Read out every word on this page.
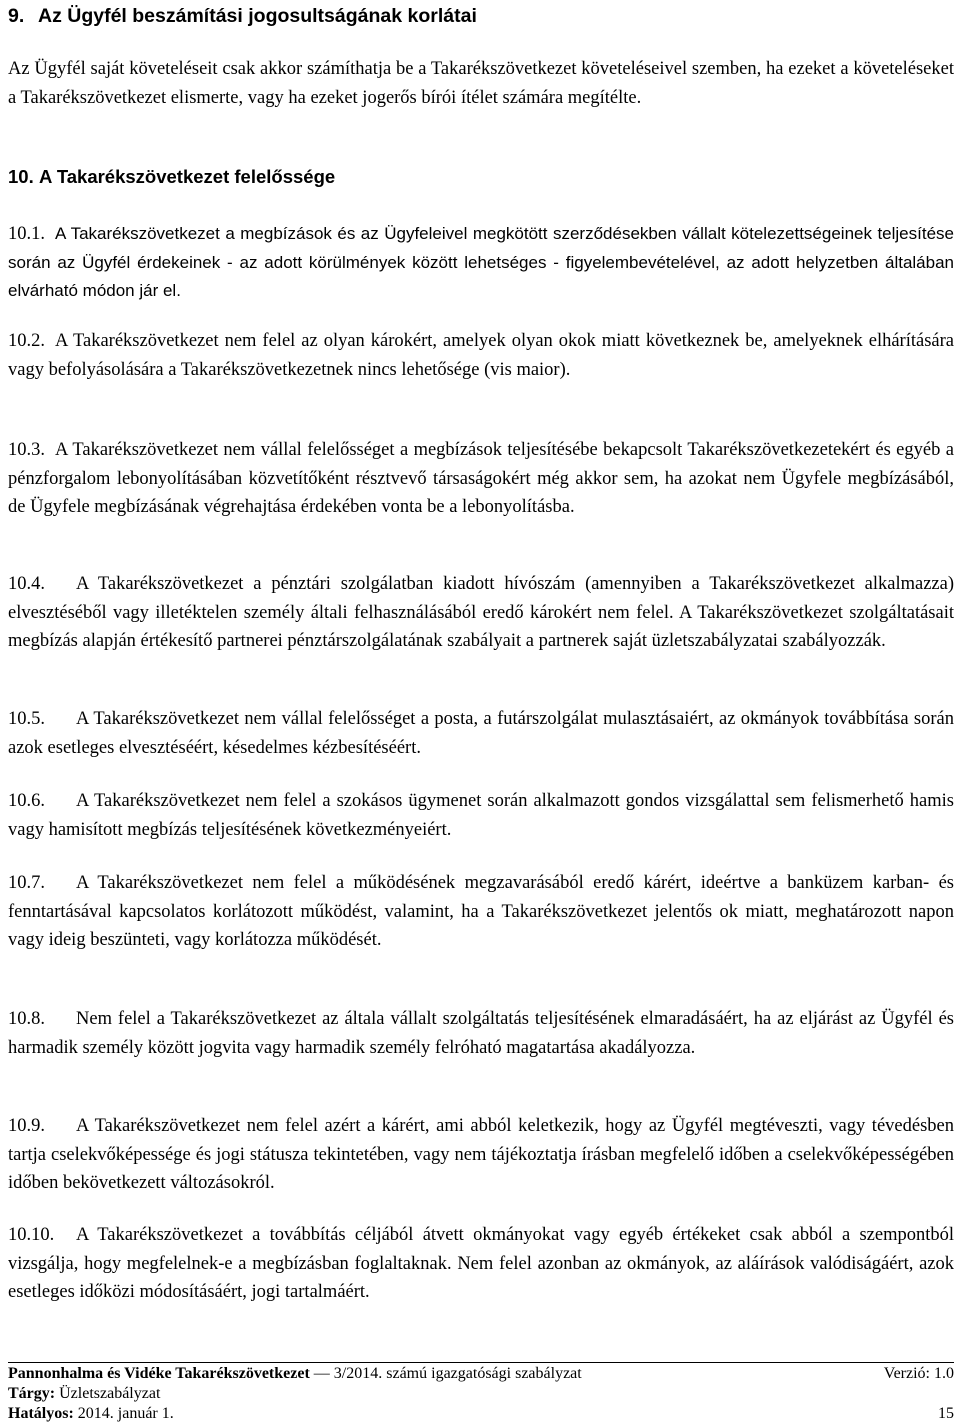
9. Az Ügyfél beszámítási jogosultságának korlátai
Az Ügyfél saját követeléseit csak akkor számíthatja be a Takarékszövetkezet követeléseivel szemben, ha ezeket a követeléseket a Takarékszövetkezet elismerte, vagy ha ezeket jogerős bírói ítélet számára megítélte.
10. A Takarékszövetkezet felelőssége
10.1. A Takarékszövetkezet a megbízások és az Ügyfeleivel megkötött szerződésekben vállalt kötelezettségeinek teljesítése során az Ügyfél érdekeinek - az adott körülmények között lehetséges - figyelembevételével, az adott helyzetben általában elvárható módon jár el.
10.2. A Takarékszövetkezet nem felel az olyan károkért, amelyek olyan okok miatt következnek be, amelyeknek elhárítására vagy befolyásolására a Takarékszövetkezetnek nincs lehetősége (vis maior).
10.3. A Takarékszövetkezet nem vállal felelősséget a megbízások teljesítésébe bekapcsolt Takarékszövetkezetekért és egyéb a pénzforgalom lebonyolításában közvetítőként résztvevő társaságokért még akkor sem, ha azokat nem Ügyfele megbízásából, de Ügyfele megbízásának végrehajtása érdekében vonta be a lebonyolításba.
10.4. A Takarékszövetkezet a pénztári szolgálatban kiadott hívószám (amennyiben a Takarékszövetkezet alkalmazza) elvesztéséből vagy illetéktelen személy általi felhasználásából eredő károkért nem felel. A Takarékszövetkezet szolgáltatásait megbízás alapján értékesítő partnerei pénztárszolgálatának szabályait a partnerek saját üzletszabályzatai szabályozzák.
10.5. A Takarékszövetkezet nem vállal felelősséget a posta, a futárszolgálat mulasztásaiért, az okmányok továbbítása során azok esetleges elvesztéséért, késedelmes kézbesítéséért.
10.6. A Takarékszövetkezet nem felel a szokásos ügymenet során alkalmazott gondos vizsgálattal sem felismerhető hamis vagy hamisított megbízás teljesítésének következményeiért.
10.7. A Takarékszövetkezet nem felel a működésének megzavarásából eredő kárért, ideértve a banküzem karban- és fenntartásával kapcsolatos korlátozott működést, valamint, ha a Takarékszövetkezet jelentős ok miatt, meghatározott napon vagy ideig beszünteti, vagy korlátozza működését.
10.8. Nem felel a Takarékszövetkezet az általa vállalt szolgáltatás teljesítésének elmaradásáért, ha az eljárást az Ügyfél és harmadik személy között jogvita vagy harmadik személy felróható magatartása akadályozza.
10.9. A Takarékszövetkezet nem felel azért a kárért, ami abból keletkezik, hogy az Ügyfél megtéveszti, vagy tévedésben tartja cselekvőképessége és jogi státusza tekintetében, vagy nem tájékoztatja írásban megfelelő időben a cselekvőképességében időben bekövetkezett változásokról.
10.10. A Takarékszövetkezet a továbbítás céljából átvett okmányokat vagy egyéb értékeket csak abból a szempontból vizsgálja, hogy megfelelnek-e a megbízásban foglaltaknak. Nem felel azonban az okmányok, az aláírások valódiságáért, azok esetleges időközi módosításáért, jogi tartalmáért.
Pannonhalma és Vidéke Takarékszövetkezet — 3/2014. számú igazgatósági szabályzat	Verzió: 1.0
Tárgy: Üzletszabályzat
Hatályos: 2014. január 1.	15
